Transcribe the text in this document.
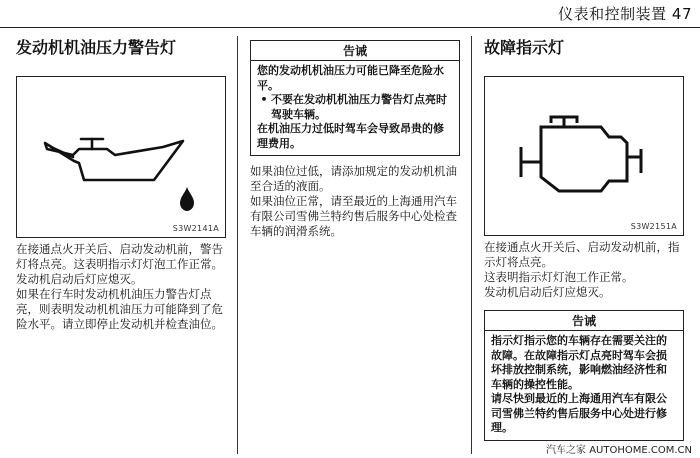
仪表和控制装置 47
发动机机油压力警告灯
S3W2141A

在接通点火开关后、启动发动机前，警告灯将点亮。这表明指示灯灯泡工作正常。

发动机启动后灯应熄灭。

如果在行车时发动机机油压力警告灯点亮，则表明发动机机油压力可能降到了危险水平。请立即停止发动机并检查油位。

告诫

您的发动机机油压力可能已降至危险水平。

• 不要在发动机机油压力警告灯点亮时驾驶车辆。

在机油压力过低时驾车会导致昂贵的修理费用。

如果油位过低，请添加规定的发动机机油至合适的液面。

如果油位正常，请至最近的上海通用汽车有限公司雪佛兰特约售后服务中心处检查车辆的润滑系统。

故障指示灯
S3W2151A

在接通点火开关后、启动发动机前，指示灯将点亮。

这表明指示灯灯泡工作正常。

发动机启动后灯应熄灭。

告诫

指示灯指示您的车辆存在需要关注的故障。在故障指示灯点亮时驾车会损坏排放控制系统，影响燃油经济性和车辆的操控性能。

请尽快到最近的上海通用汽车有限公司雪佛兰特约售后服务中心处进行修理。

汽车之家 AUTOHOME.COM.CN
